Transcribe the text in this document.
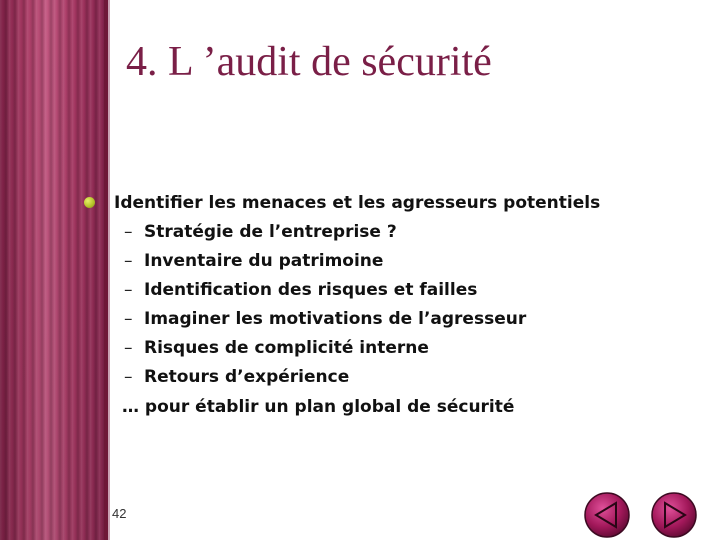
4. L ’audit de sécurité
Identifier les menaces et les agresseurs potentiels
– Stratégie de l’entreprise ?
– Inventaire du patrimoine
– Identification des risques et failles
– Imaginer les motivations de l’agresseur
– Risques de complicité interne
– Retours d’expérience
… pour établir un plan global de sécurité
42
